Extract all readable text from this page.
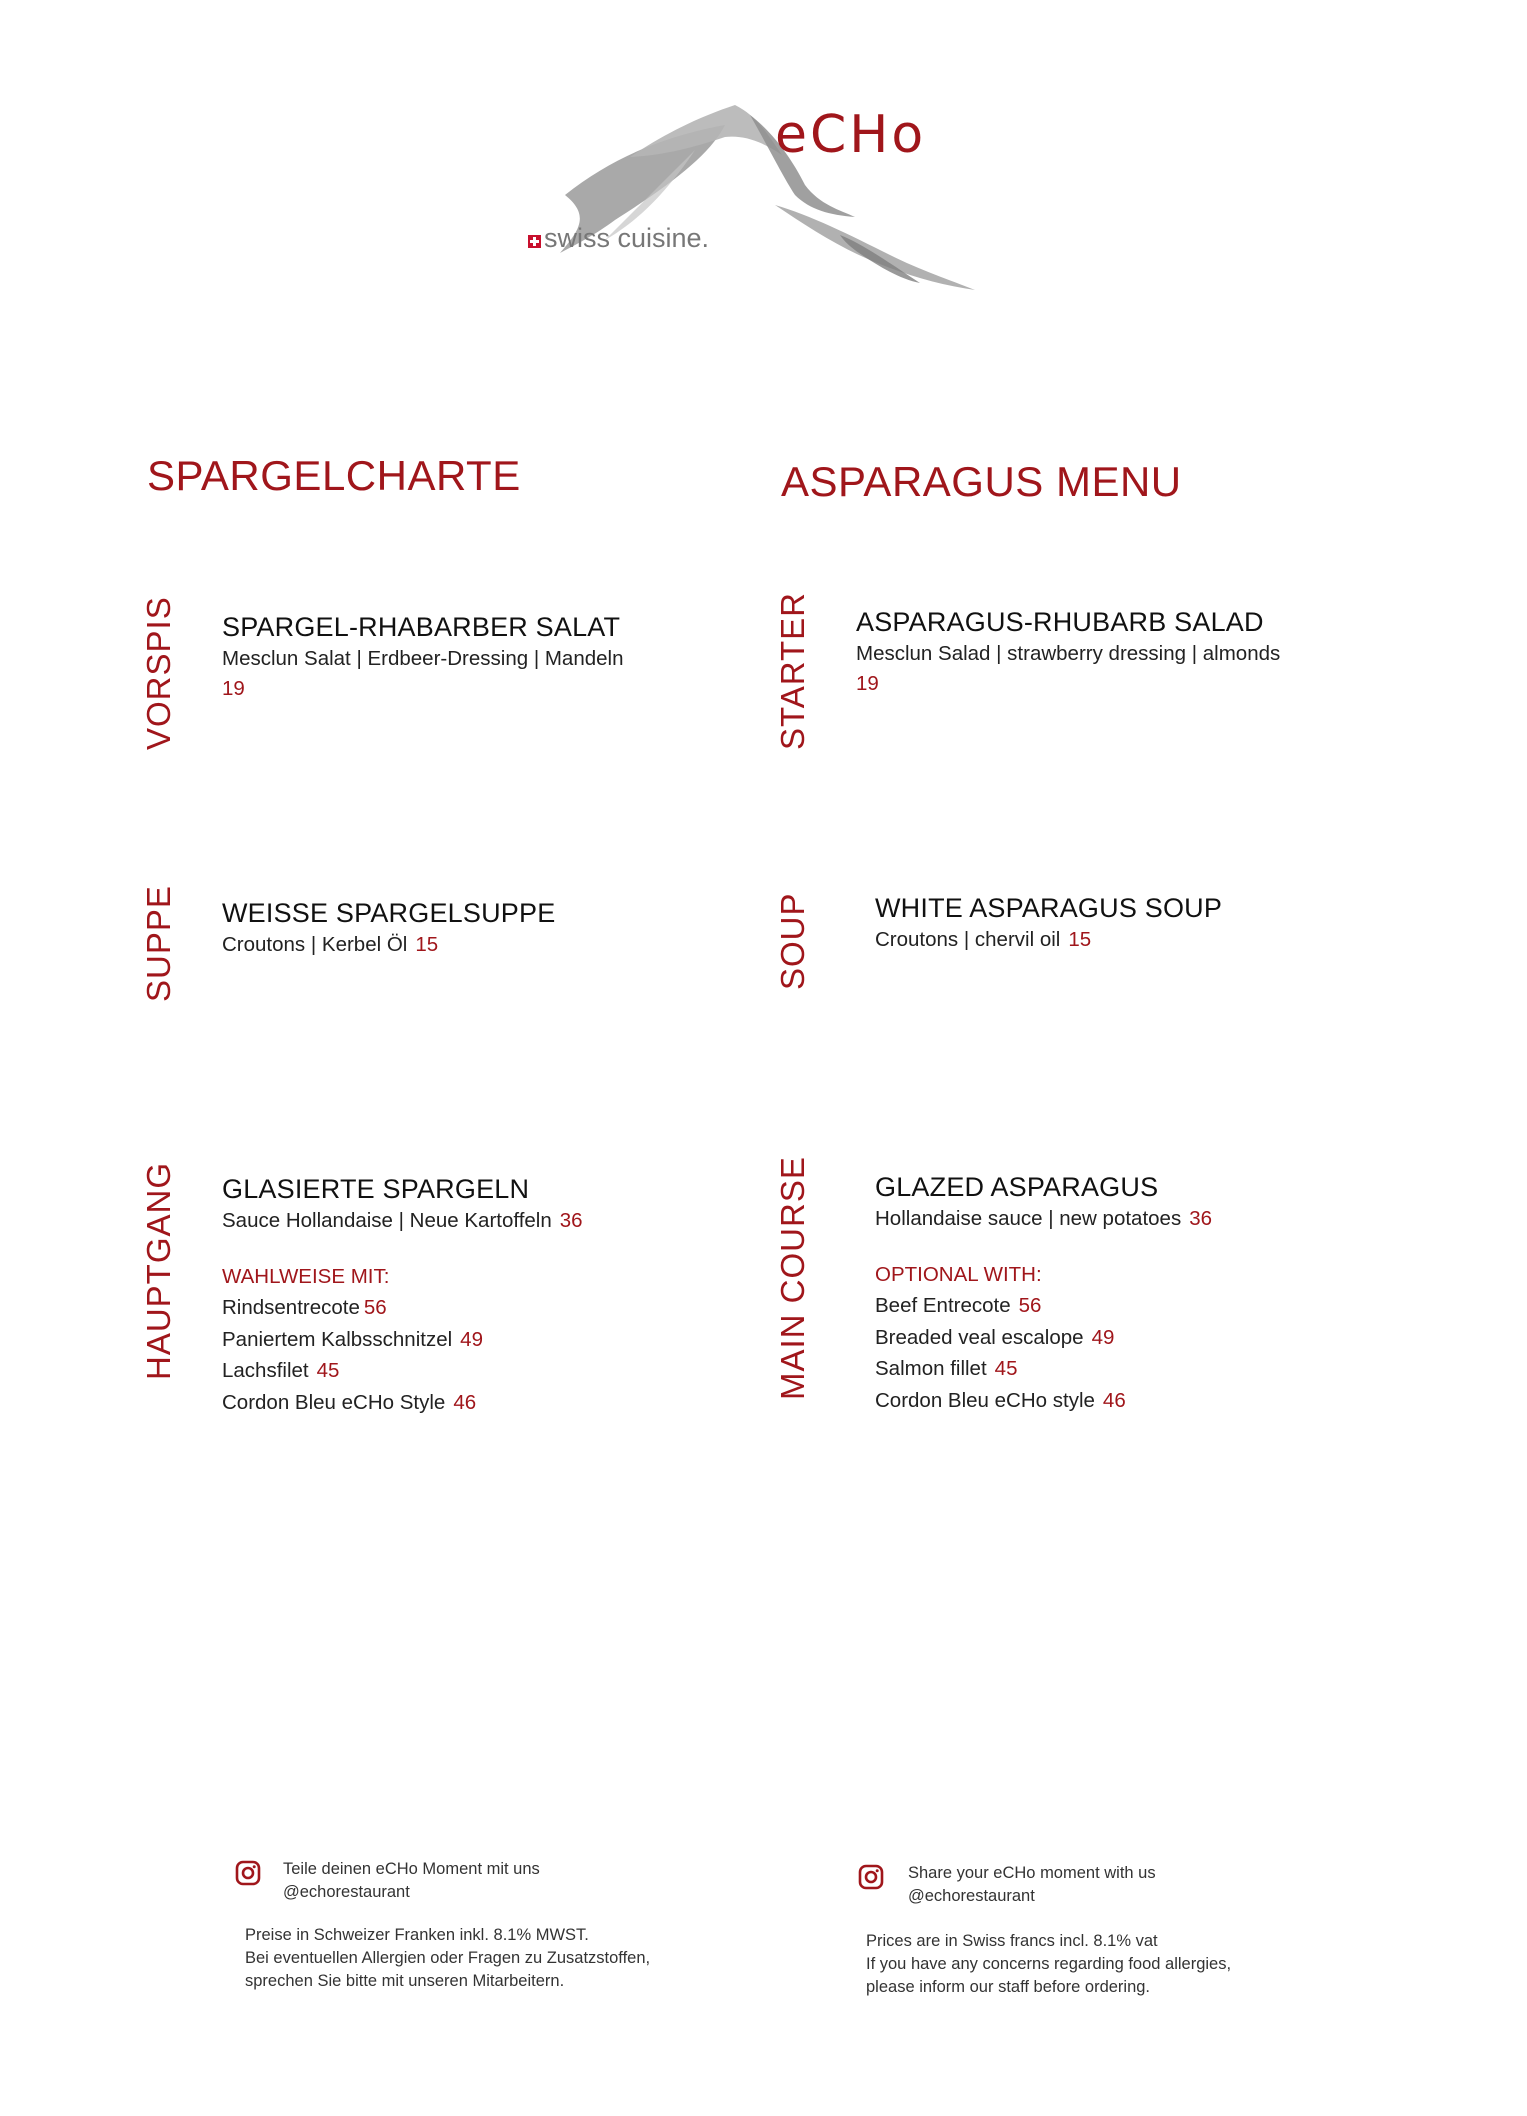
eCHo
swiss cuisine.
SPARGELCHARTE	ASPARAGUS MENU
VORSPIS	STARTER
SUPPE	SOUP
HAUPTGANG	MAIN COURSE

SPARGEL-RHABARBER SALAT

Mesclun Salat | Erdbeer-Dressing | Mandeln

19

ASPARAGUS-RHUBARB SALAD

Mesclun Salad | strawberry dressing | almonds

19

WEISSE SPARGELSUPPE

Croutons | Kerbel Öl 15

WHITE ASPARAGUS SOUP

Croutons | chervil oil 15

GLASIERTE SPARGELN

Sauce Hollandaise | Neue Kartoffeln 36

WAHLWEISE MIT:
Rindsentrecote 56
Paniertem Kalbsschnitzel 49
Lachsfilet 45
Cordon Bleu eCHo Style 46

GLAZED ASPARAGUS

Hollandaise sauce | new potatoes 36

OPTIONAL WITH:
Beef Entrecote 56
Breaded veal escalope 49
Salmon fillet 45
Cordon Bleu eCHo style 46
Teile deinen eCHo Moment mit uns
@echorestaurant

Preise in Schweizer Franken inkl. 8.1% MWST.

Bei eventuellen Allergien oder Fragen zu Zusatzstoffen,

sprechen Sie bitte mit unseren Mitarbeitern.

Share your eCHo moment with us
@echorestaurant

Prices are in Swiss francs incl. 8.1% vat

If you have any concerns regarding food allergies,

please inform our staff before ordering.
